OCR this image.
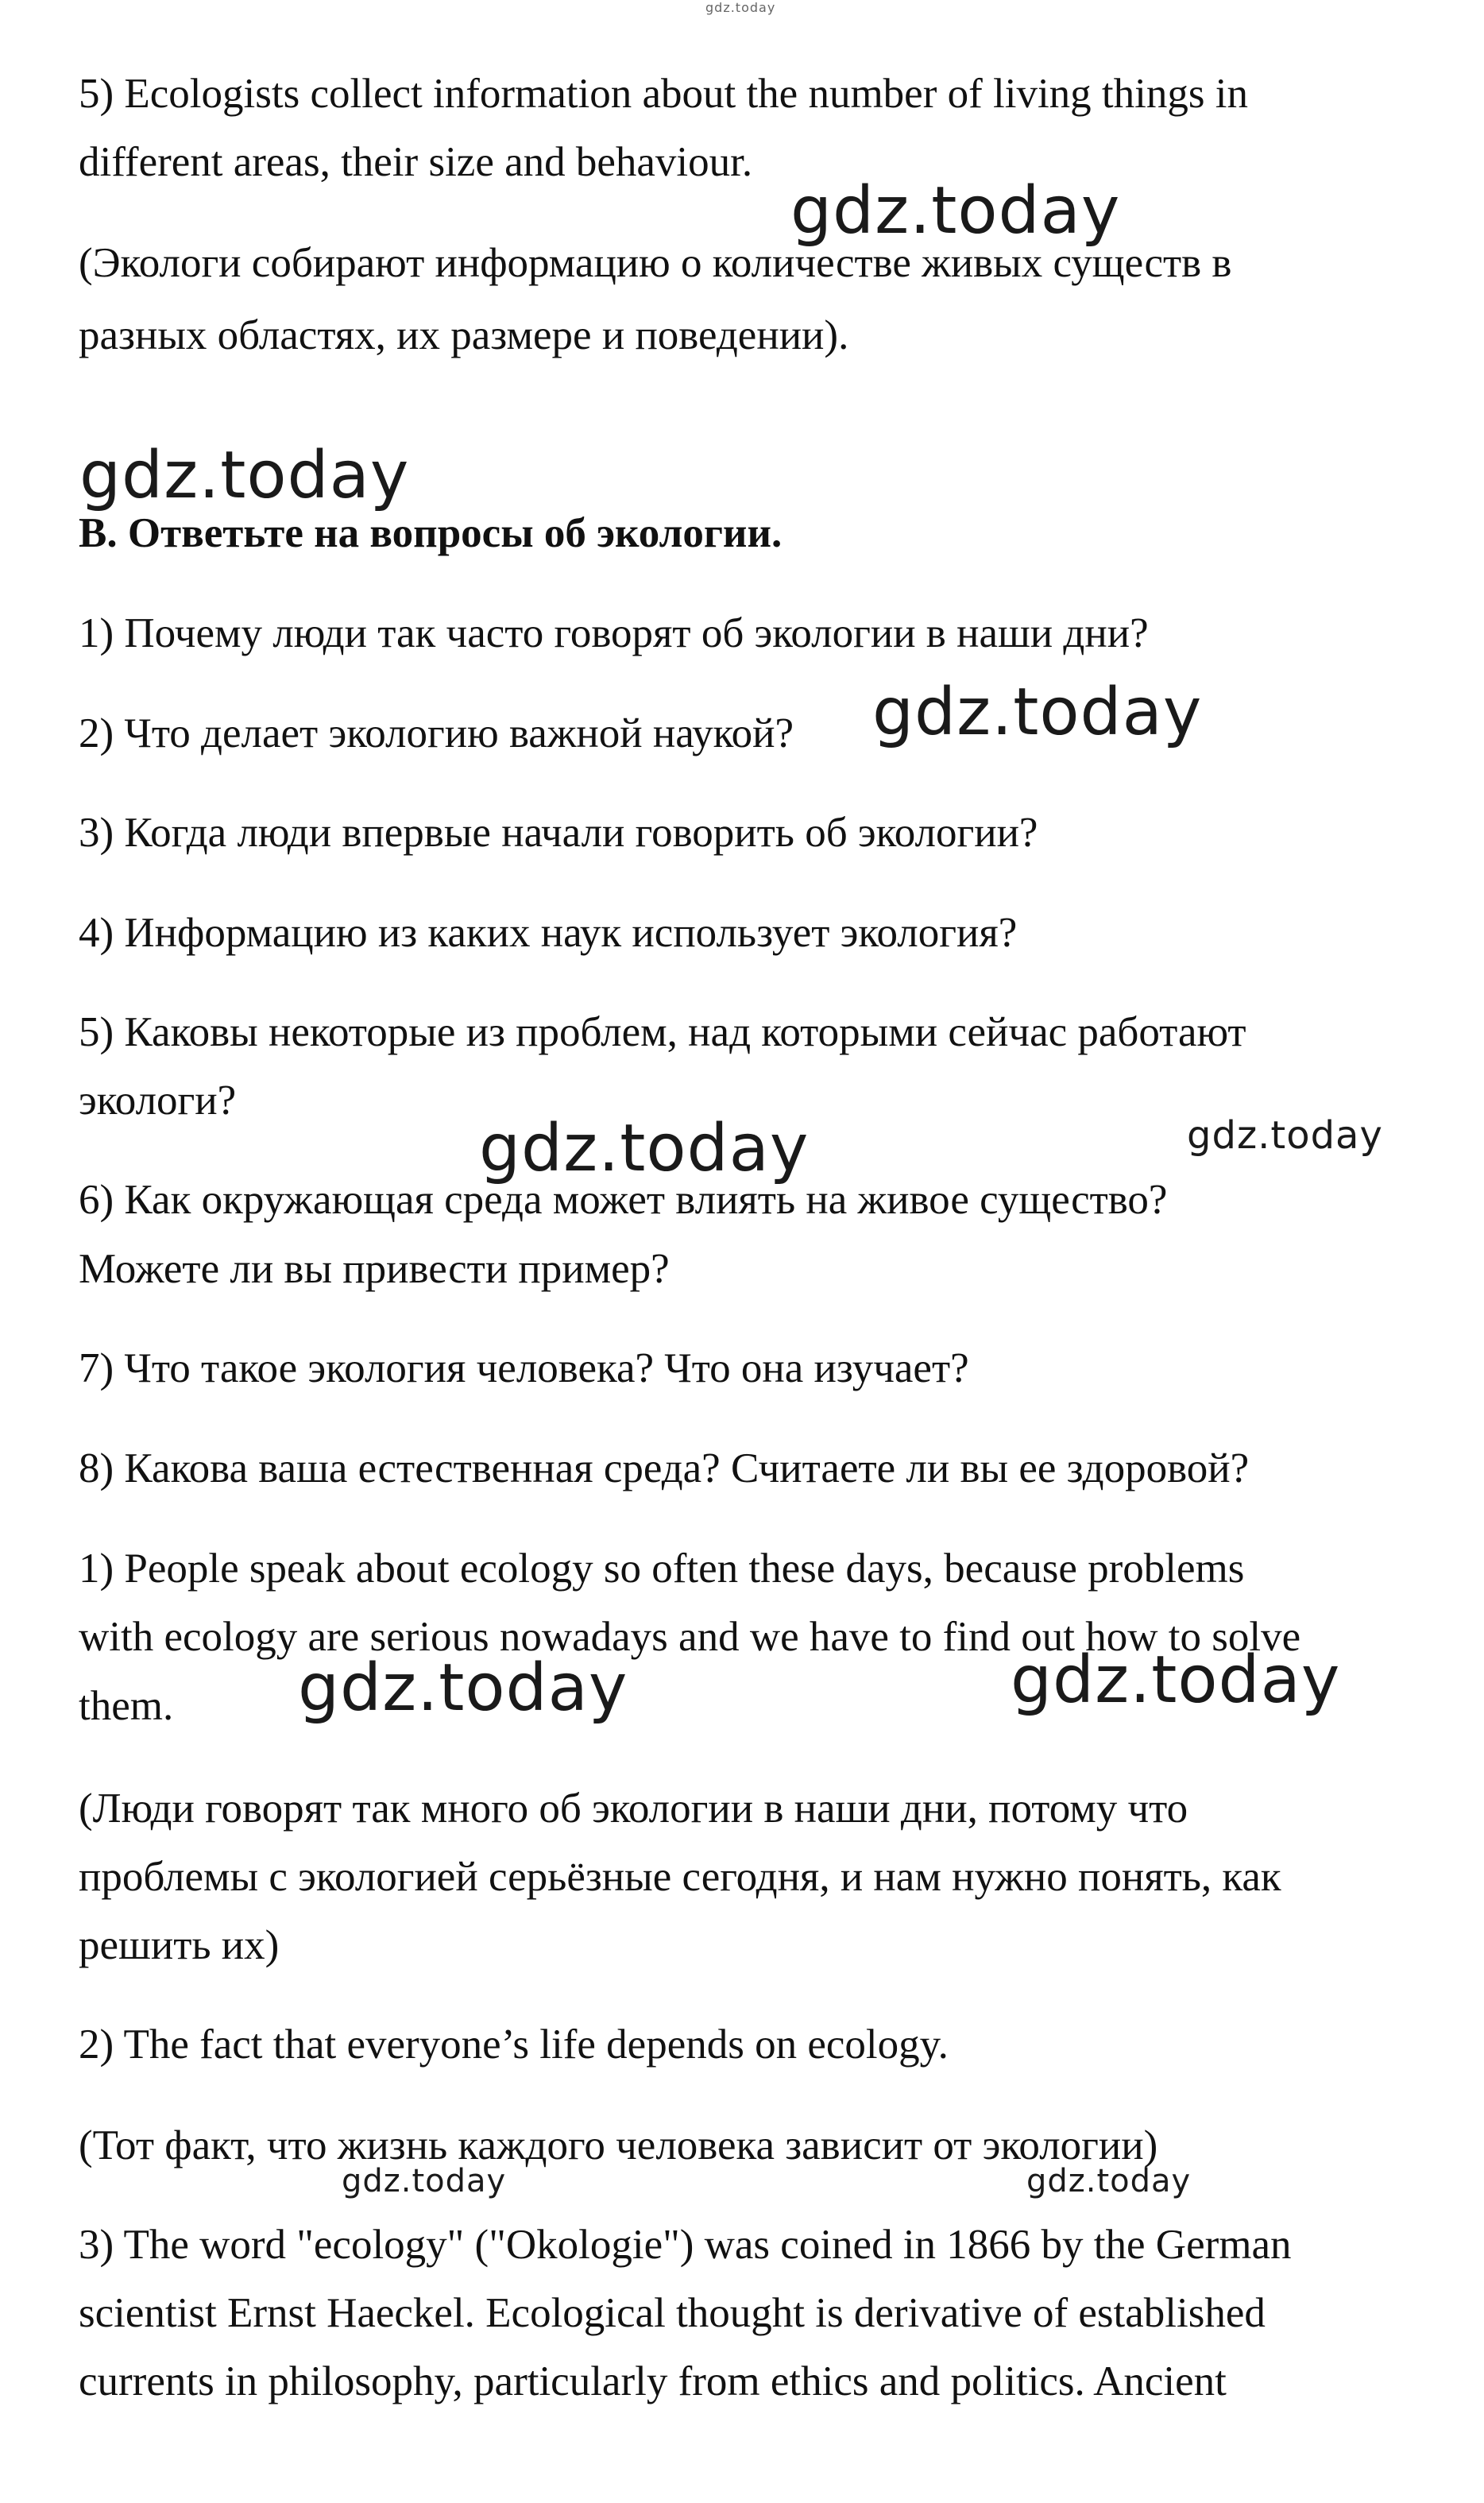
5) Ecologists collect information about the number of living things in
different areas, their size and behaviour.
(Экологи собирают информацию о количестве живых существ в
разных областях, их размере и поведении).
B. Ответьте на вопросы об экологии.
1) Почему люди так часто говорят об экологии в наши дни?
2) Что делает экологию важной наукой?
3) Когда люди впервые начали говорить об экологии?
4) Информацию из каких наук использует экология?
5) Каковы некоторые из проблем, над которыми сейчас работают
экологи?
6) Как окружающая среда может влиять на живое существо?
Можете ли вы привести пример?
7) Что такое экология человека? Что она изучает?
8) Какова ваша естественная среда? Считаете ли вы ее здоровой?
1) People speak about ecology so often these days, because problems
with ecology are serious nowadays and we have to find out how to solve
them.
(Люди говорят так много об экологии в наши дни, потому что
проблемы с экологией серьёзные сегодня, и нам нужно понять, как
решить их)
2) The fact that everyone’s life depends on ecology.
(Тот факт, что жизнь каждого человека зависит от экологии)
3) The word "ecology" ("Okologie") was coined in 1866 by the German
scientist Ernst Haeckel. Ecological thought is derivative of established
currents in philosophy, particularly from ethics and politics. Ancient
gdz.today
gdz.today
gdz.today
gdz.today
gdz.today	gdz.today
gdz.today	gdz.today
gdz.today	gdz.today
